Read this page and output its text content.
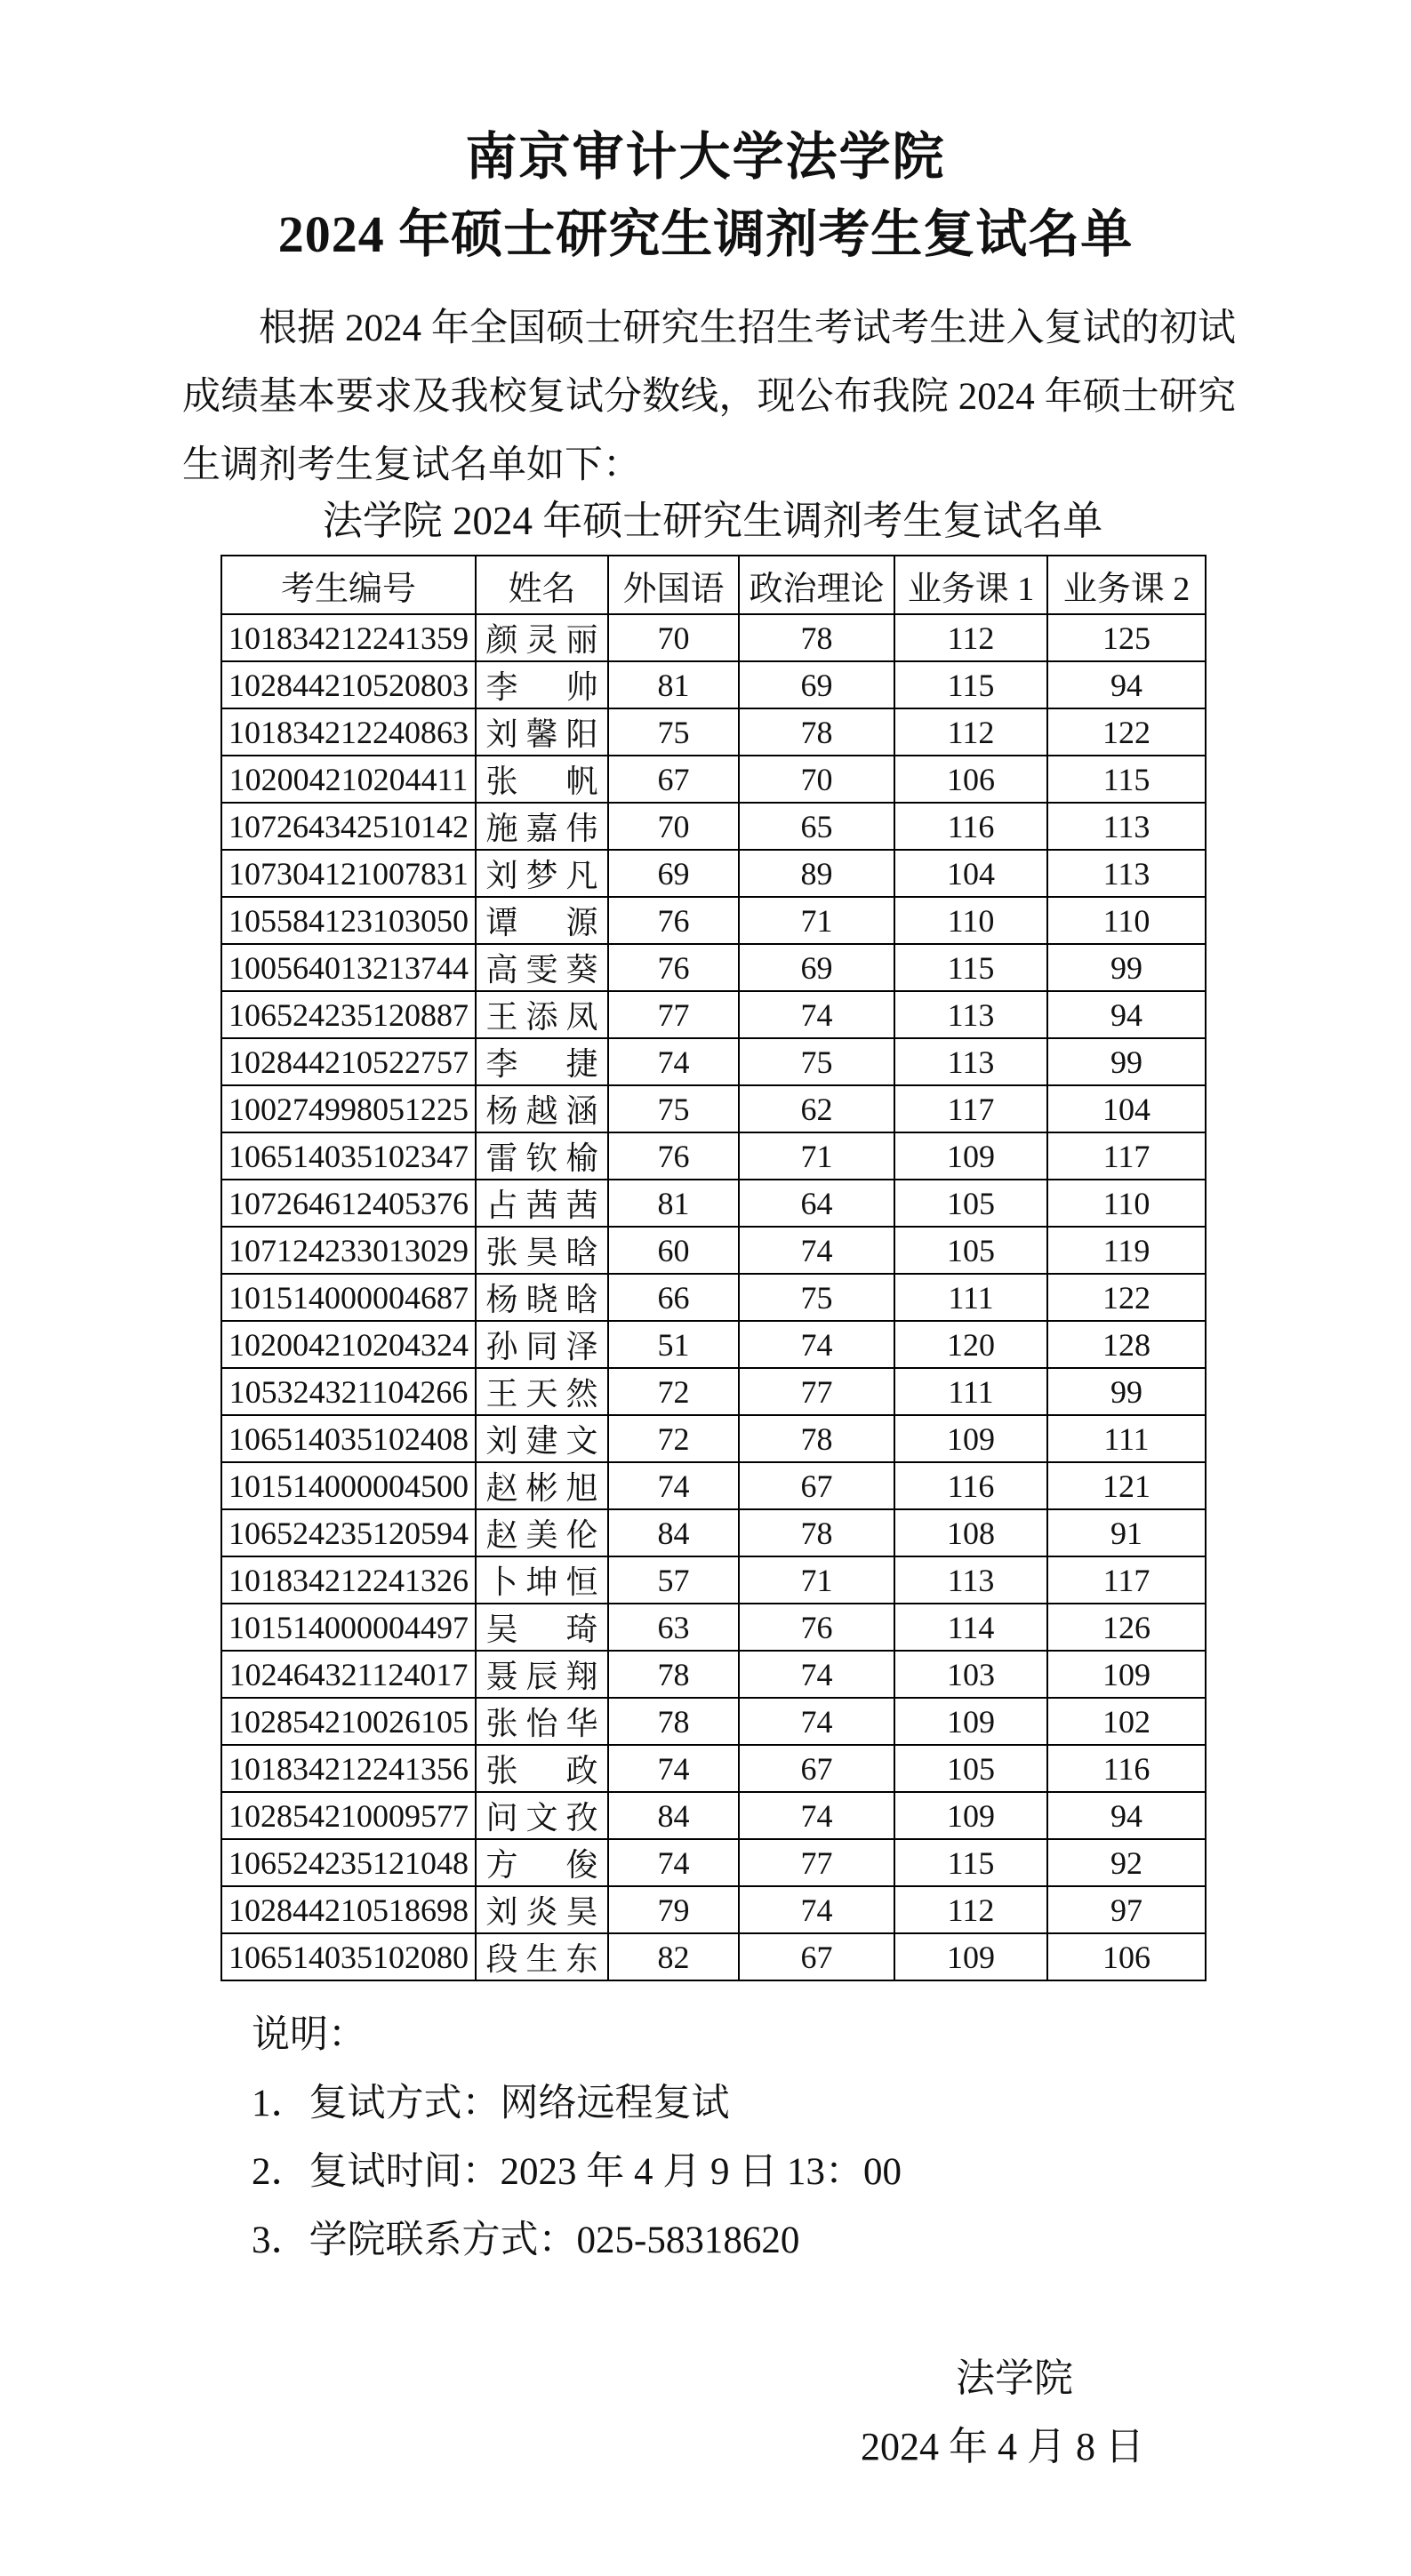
南京审计大学法学院
2024 年硕士研究生调剂考生复试名单

根据 2024 年全国硕士研究生招生考试考生进入复试的初试成绩基本要求及我校复试分数线，现公布我院 2024 年硕士研究生调剂考生复试名单如下：

法学院 2024 年硕士研究生调剂考生复试名单
考生编号	姓名	外国语	政治理论	业务课 1	业务课 2
101834212241359	颜灵丽	70	78	112	125
102844210520803	李帅	81	69	115	94
101834212240863	刘馨阳	75	78	112	122
102004210204411	张帆	67	70	106	115
107264342510142	施嘉伟	70	65	116	113
107304121007831	刘梦凡	69	89	104	113
105584123103050	谭源	76	71	110	110
100564013213744	高雯葵	76	69	115	99
106524235120887	王添凤	77	74	113	94
102844210522757	李捷	74	75	113	99
100274998051225	杨越涵	75	62	117	104
106514035102347	雷钦榆	76	71	109	117
107264612405376	占茜茜	81	64	105	110
107124233013029	张昊晗	60	74	105	119
101514000004687	杨晓晗	66	75	111	122
102004210204324	孙同泽	51	74	120	128
105324321104266	王天然	72	77	111	99
106514035102408	刘建文	72	78	109	111
101514000004500	赵彬旭	74	67	116	121
106524235120594	赵美伦	84	78	108	91
101834212241326	卜坤恒	57	71	113	117
101514000004497	吴琦	63	76	114	126
102464321124017	聂辰翔	78	74	103	109
102854210026105	张怡华	78	74	109	102
101834212241356	张政	74	67	105	116
102854210009577	问文孜	84	74	109	94
106524235121048	方俊	74	77	115	92
102844210518698	刘炎昊	79	74	112	97
106514035102080	段生东	82	67	109	106

说明：

1．复试方式：网络远程复试

2．复试时间：2023 年 4 月 9 日 13：00

3．学院联系方式：025-58318620

法学院
2024 年 4 月 8 日
